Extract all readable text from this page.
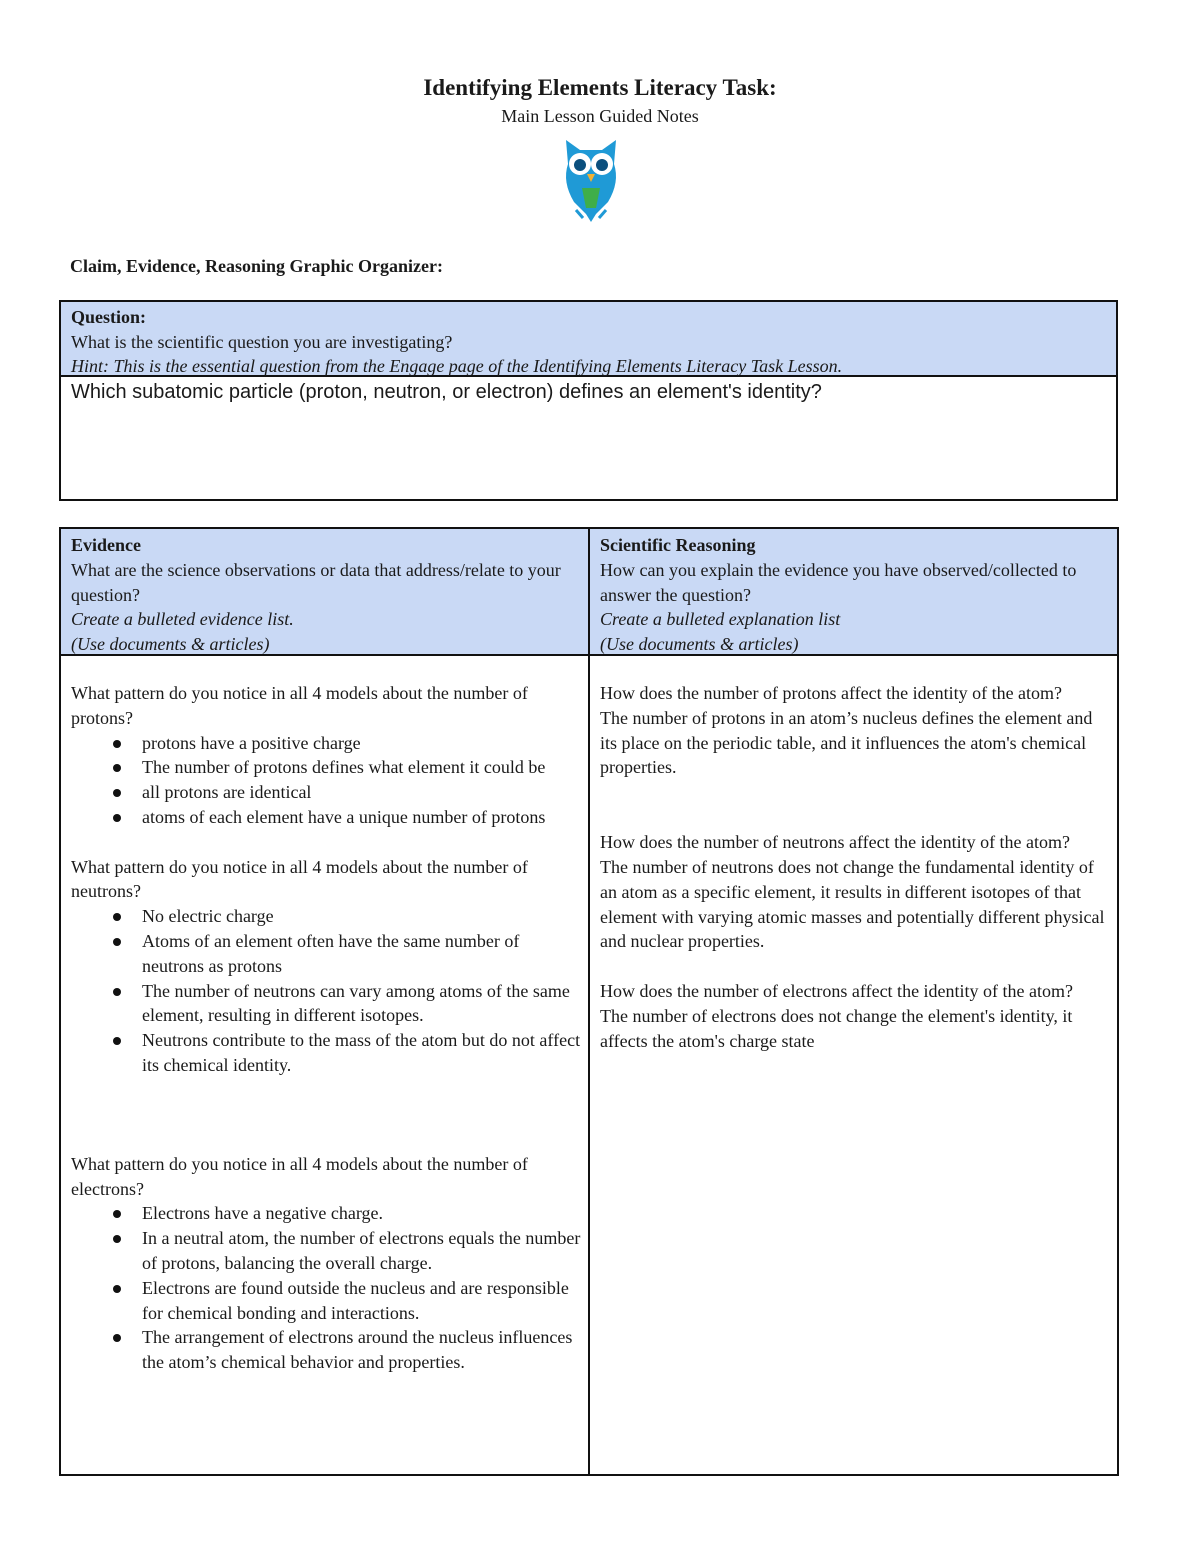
Identifying Elements Literacy Task:
Main Lesson Guided Notes
Claim, Evidence, Reasoning Graphic Organizer:
Question:
What is the scientific question you are investigating?
Hint: This is the essential question from the Engage page of the Identifying Elements Literacy Task Lesson.
Which subatomic particle (proton, neutron, or electron) defines an element's identity?
Evidence
What are the science observations or data that address/relate to your question?
Create a bulleted evidence list.
(Use documents & articles)
Scientific Reasoning
How can you explain the evidence you have observed/collected to answer the question?
Create a bulleted explanation list
(Use documents & articles)

What pattern do you notice in all 4 models about the number of protons?

protons have a positive charge
The number of protons defines what element it could be
all protons are identical
atoms of each element have a unique number of protons

What pattern do you notice in all 4 models about the number of neutrons?

No electric charge
Atoms of an element often have the same number of neutrons as protons
The number of neutrons can vary among atoms of the same element, resulting in different isotopes.
Neutrons contribute to the mass of the atom but do not affect its chemical identity.

What pattern do you notice in all 4 models about the number of electrons?

Electrons have a negative charge.
In a neutral atom, the number of electrons equals the number of protons, balancing the overall charge.
Electrons are found outside the nucleus and are responsible for chemical bonding and interactions.
The arrangement of electrons around the nucleus influences the atom’s chemical behavior and properties.

How does the number of protons affect the identity of the atom?

The number of protons in an atom’s nucleus defines the element and its place on the periodic table, and it influences the atom's chemical properties.

How does the number of neutrons affect the identity of the atom?

The number of neutrons does not change the fundamental identity of an atom as a specific element, it results in different isotopes of that element with varying atomic masses and potentially different physical and nuclear properties.

How does the number of electrons affect the identity of the atom?

The number of electrons does not change the element's identity, it affects the atom's charge state
